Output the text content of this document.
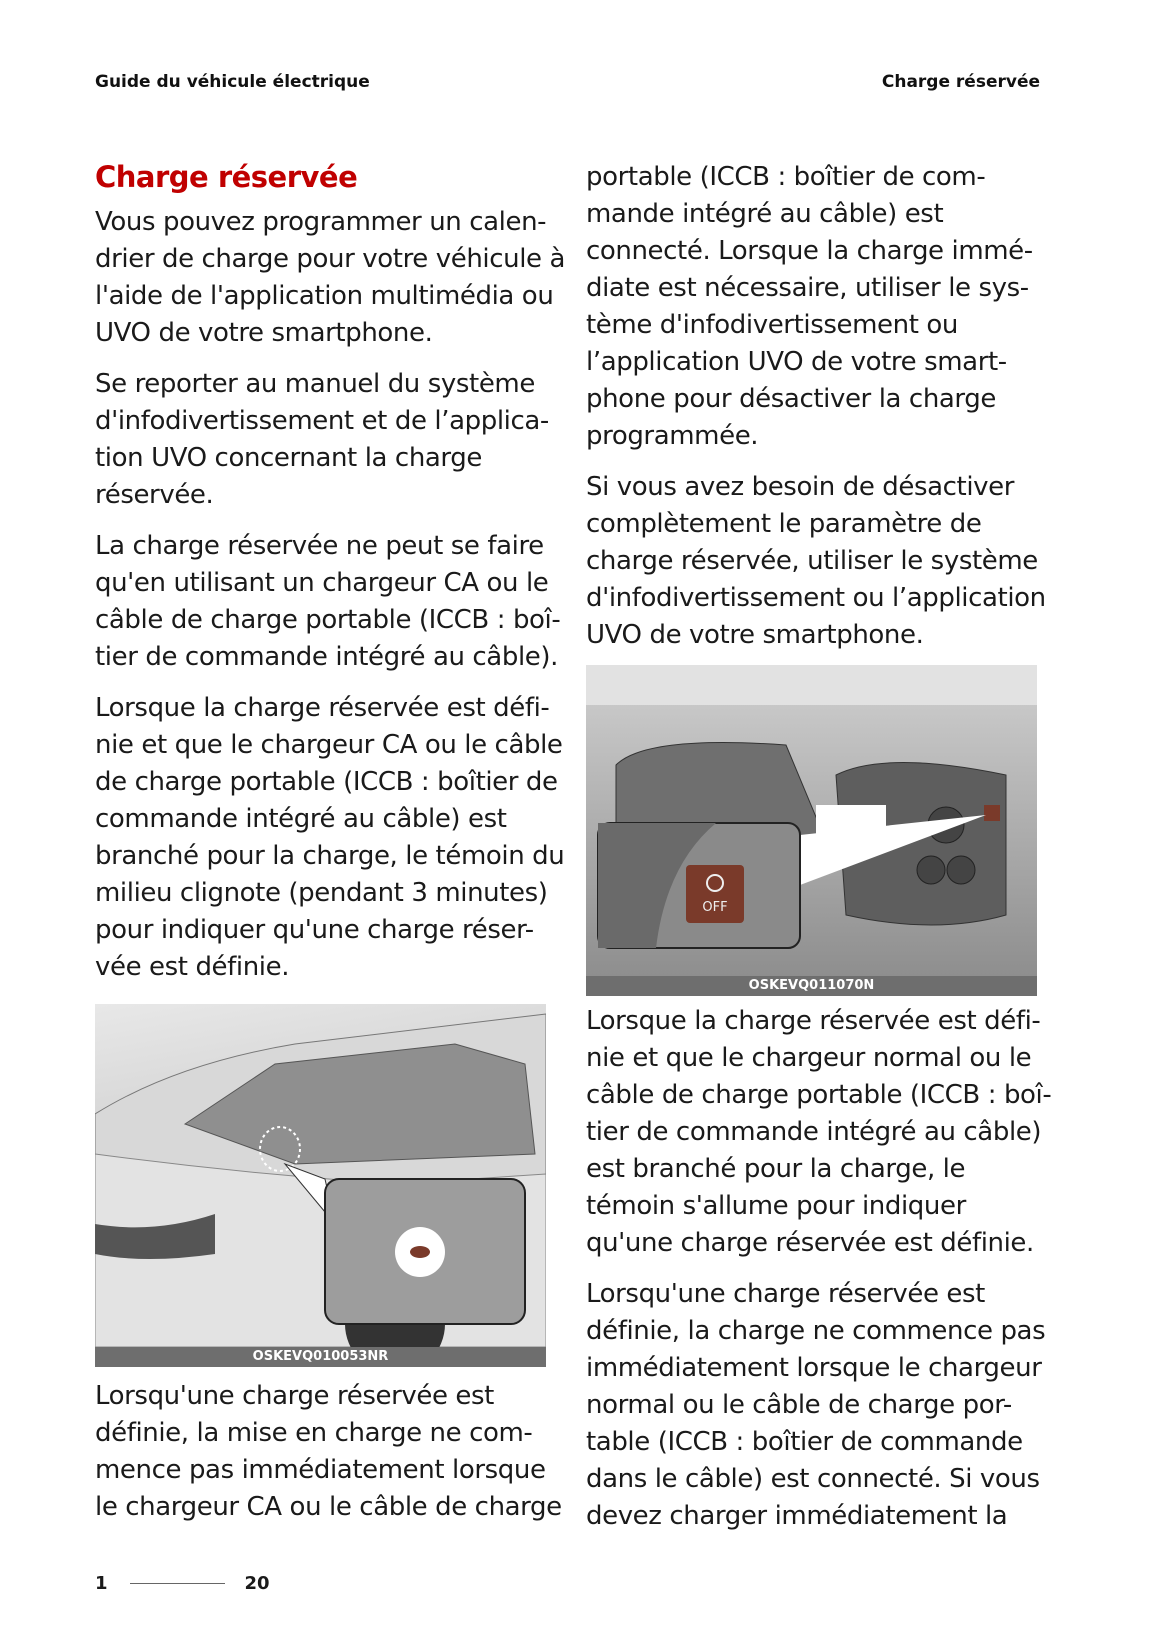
Guide du véhicule électrique	Charge réservée
Charge réservée

Vous pouvez programmer un calen-
drier de charge pour votre véhicule à
l'aide de l'application multimédia ou
UVO de votre smartphone.

Se reporter au manuel du système
d'infodivertissement et de l’applica-
tion UVO concernant la charge
réservée.

La charge réservée ne peut se faire
qu'en utilisant un chargeur CA ou le
câble de charge portable (ICCB : boî-
tier de commande intégré au câble).

Lorsque la charge réservée est défi-
nie et que le chargeur CA ou le câble
de charge portable (ICCB : boîtier de
commande intégré au câble) est
branché pour la charge, le témoin du
milieu clignote (pendant 3 minutes)
pour indiquer qu'une charge réser-
vée est définie.

OSKEVQ010053NR

Lorsqu'une charge réservée est
définie, la mise en charge ne com-
mence pas immédiatement lorsque
le chargeur CA ou le câble de charge

portable (ICCB : boîtier de com-
mande intégré au câble) est
connecté. Lorsque la charge immé-
diate est nécessaire, utiliser le sys-
tème d'infodivertissement ou
l’application UVO de votre smart-
phone pour désactiver la charge
programmée.

Si vous avez besoin de désactiver
complètement le paramètre de
charge réservée, utiliser le système
d'infodivertissement ou l’application
UVO de votre smartphone.

OFF
OSKEVQ011070N

Lorsque la charge réservée est défi-
nie et que le chargeur normal ou le
câble de charge portable (ICCB : boî-
tier de commande intégré au câble)
est branché pour la charge, le
témoin s'allume pour indiquer
qu'une charge réservée est définie.

Lorsqu'une charge réservée est
définie, la charge ne commence pas
immédiatement lorsque le chargeur
normal ou le câble de charge por-
table (ICCB : boîtier de commande
dans le câble) est connecté. Si vous
devez charger immédiatement la

1	20
